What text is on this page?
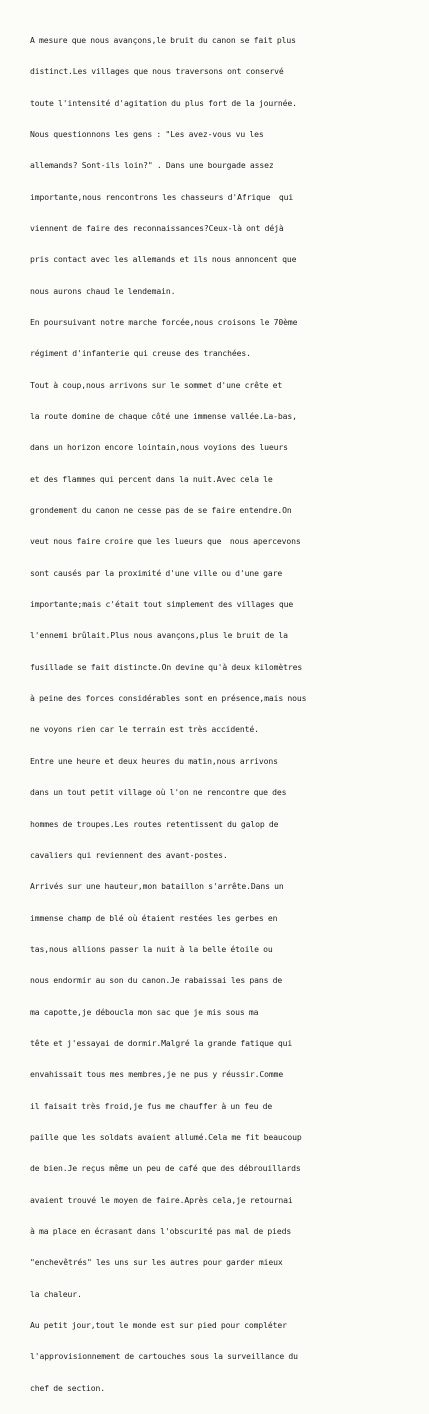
A mesure que nous avançons,le bruit du canon se fait plus

distinct.Les villages que nous traversons ont conservé

toute l'intensité d'agitation du plus fort de la journée.

Nous questionnons les gens : "Les avez-vous vu les

allemands? Sont-ils loin?" . Dans une bourgade assez

importante,nous rencontrons les chasseurs d'Afrique  qui

viennent de faire des reconnaissances?Ceux-là ont déjà

pris contact avec les allemands et ils nous annoncent que

nous aurons chaud le lendemain.

En poursuivant notre marche forcée,nous croisons le 70ème

régiment d'infanterie qui creuse des tranchées.

Tout à coup,nous arrivons sur le sommet d'une crête et

la route domine de chaque côté une immense vallée.La-bas,

dans un horizon encore lointain,nous voyions des lueurs

et des flammes qui percent dans la nuit.Avec cela le

grondement du canon ne cesse pas de se faire entendre.On

veut nous faire croire que les lueurs que  nous apercevons

sont causés par la proximité d'une ville ou d'une gare

importante;mais c'était tout simplement des villages que

l'ennemi brûlait.Plus nous avançons,plus le bruit de la

fusillade se fait distincte.On devine qu'à deux kilomètres

à peine des forces considérables sont en présence,mais nous

ne voyons rien car le terrain est très accidenté.

Entre une heure et deux heures du matin,nous arrivons

dans un tout petit village où l'on ne rencontre que des

hommes de troupes.Les routes retentissent du galop de

cavaliers qui reviennent des avant-postes.

Arrivés sur une hauteur,mon bataillon s'arrête.Dans un

immense champ de blé où étaient restées les gerbes en

tas,nous allions passer la nuit à la belle étoile ou

nous endormir au son du canon.Je rabaissai les pans de

ma capotte,je déboucla mon sac que je mis sous ma

tête et j'essayai de dormir.Malgré la grande fatique qui

envahissait tous mes membres,je ne pus y réussir.Comme

il faisait très froid,je fus me chauffer à un feu de

paille que les soldats avaient allumé.Cela me fit beaucoup

de bien.Je reçus même un peu de café que des débrouillards

avaient trouvé le moyen de faire.Après cela,je retournai

à ma place en écrasant dans l'obscurité pas mal de pieds

"enchevêtrés" les uns sur les autres pour garder mieux

la chaleur.

Au petit jour,tout le monde est sur pied pour compléter

l'approvisionnement de cartouches sous la surveillance du

chef de section.
